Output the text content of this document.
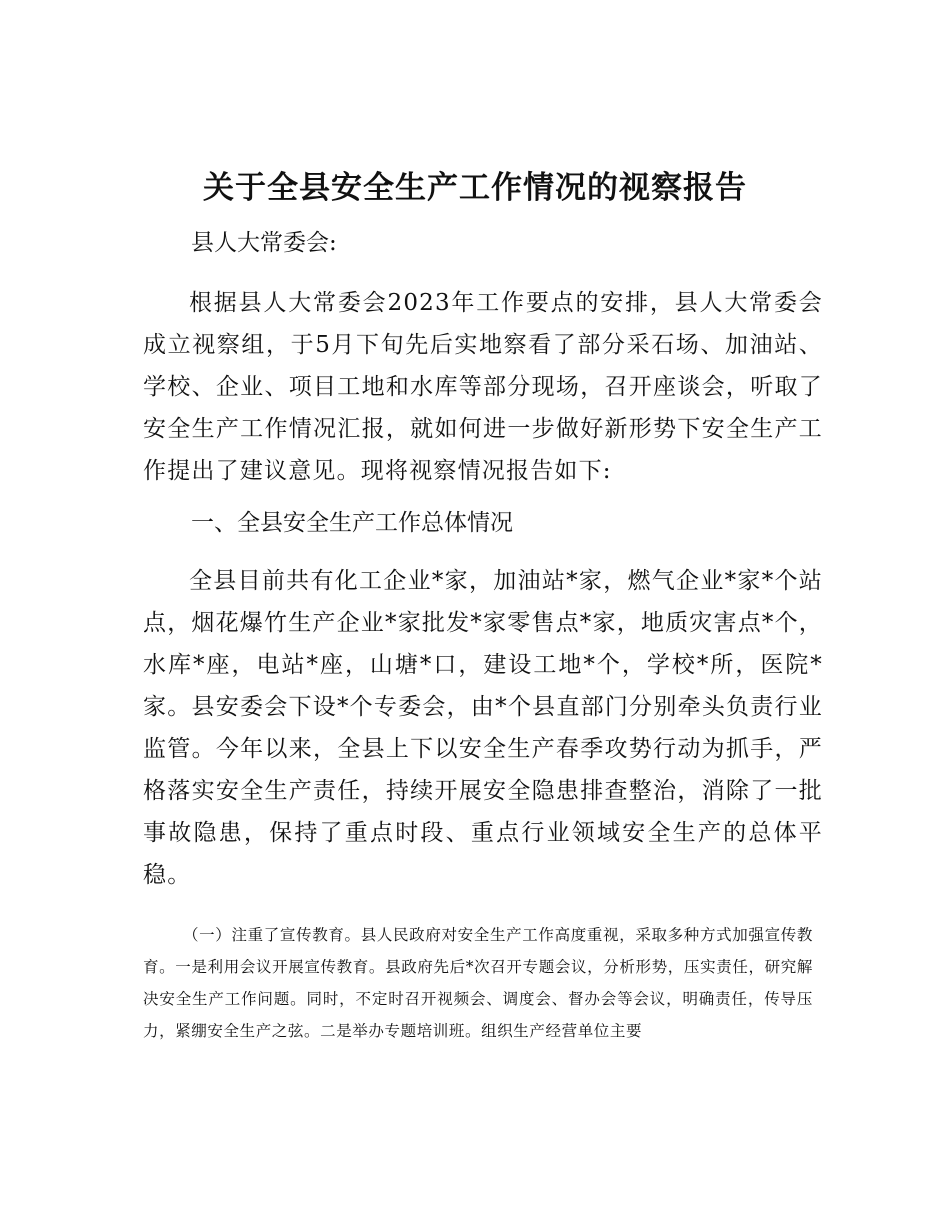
关于全县安全生产工作情况的视察报告

县人大常委会:

根据县人大常委会2023年工作要点的安排，县人大常委会成立视察组，于5月下旬先后实地察看了部分采石场、加油站、学校、企业、项目工地和水库等部分现场，召开座谈会，听取了安全生产工作情况汇报，就如何进一步做好新形势下安全生产工作提出了建议意见。现将视察情况报告如下:

一、全县安全生产工作总体情况

全县目前共有化工企业*家，加油站*家，燃气企业*家*个站点，烟花爆竹生产企业*家批发*家零售点*家，地质灾害点*个，水库*座，电站*座，山塘*口，建设工地*个，学校*所，医院*家。县安委会下设*个专委会，由*个县直部门分别牵头负责行业监管。今年以来，全县上下以安全生产春季攻势行动为抓手，严格落实安全生产责任，持续开展安全隐患排查整治，消除了一批事故隐患，保持了重点时段、重点行业领域安全生产的总体平稳。

（一）注重了宣传教育。县人民政府对安全生产工作高度重视，采取多种方式加强宣传教育。一是利用会议开展宣传教育。县政府先后*次召开专题会议，分析形势，压实责任，研究解决安全生产工作问题。同时，不定时召开视频会、调度会、督办会等会议，明确责任，传导压力，紧绷安全生产之弦。二是举办专题培训班。组织生产经营单位主要
